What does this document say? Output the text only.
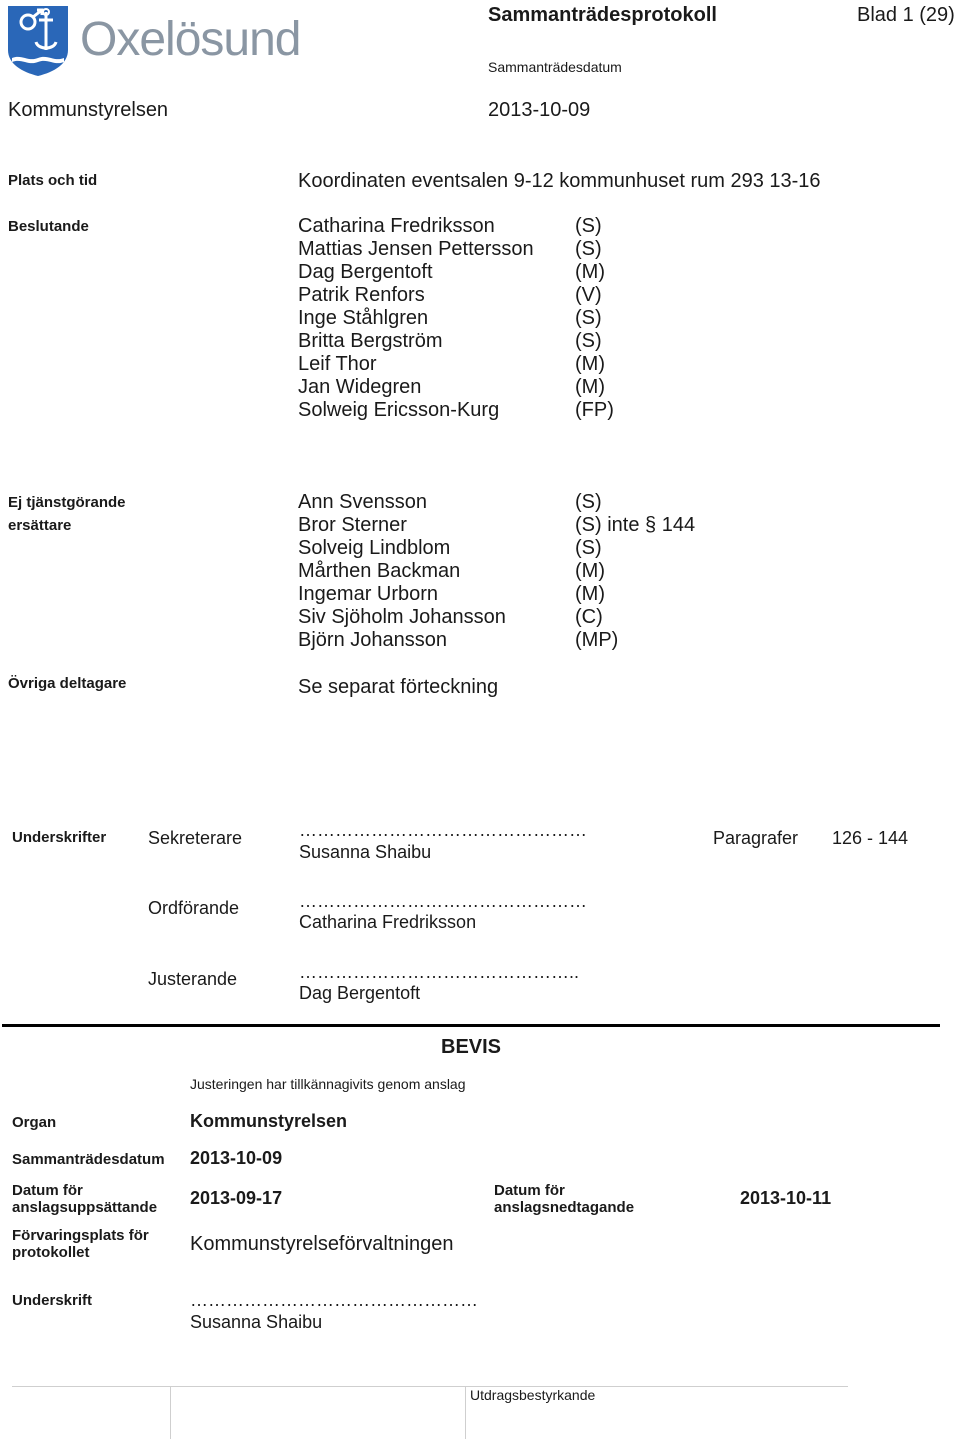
Oxelösund	Sammanträdesprotokoll	Blad 1 (29)
Sammanträdesdatum
Kommunstyrelsen	2013-10-09
Plats och tid	Koordinaten eventsalen 9-12 kommunhuset rum 293 13-16
Beslutande	Catharina Fredriksson	(S)
Mattias Jensen Pettersson (S)
Dag Bergentoft	(M)
Patrik Renfors	(V)
Inge Ståhlgren	(S)
Britta Bergström	(S)
Leif Thor	(M)
Jan Widegren	(M)
Solweig Ericsson-Kurg	(FP)
Ej tjänstgörande
ersättare
Ann Svensson	(S)
Bror Sterner	(S) inte § 144
Solveig Lindblom	(S)
Mårthen Backman	(M)
Ingemar Urborn	(M)
Siv Sjöholm Johansson	(C)
Björn Johansson	(MP)
Övriga deltagare	Se separat förteckning
Underskrifter Sekreterare	…………………………………………
Susanna Shaibu
Paragrafer 126 - 144
Ordförande	…………………………………………
Catharina Fredriksson
Justerande	………………………………………..
Dag Bergentoft
BEVIS
Justeringen har tillkännagivits genom anslag
Organ	Kommunstyrelsen
Sammanträdesdatum 2013-10-09
Datum för
anslagsuppsättande 2013-09-17	Datum för
anslagsnedtagande	2013-10-11
Förvaringsplats för
protokollet	Kommunstyrelseförvaltningen
Underskrift	…………………………………………
Susanna Shaibu
Utdragsbestyrkande
